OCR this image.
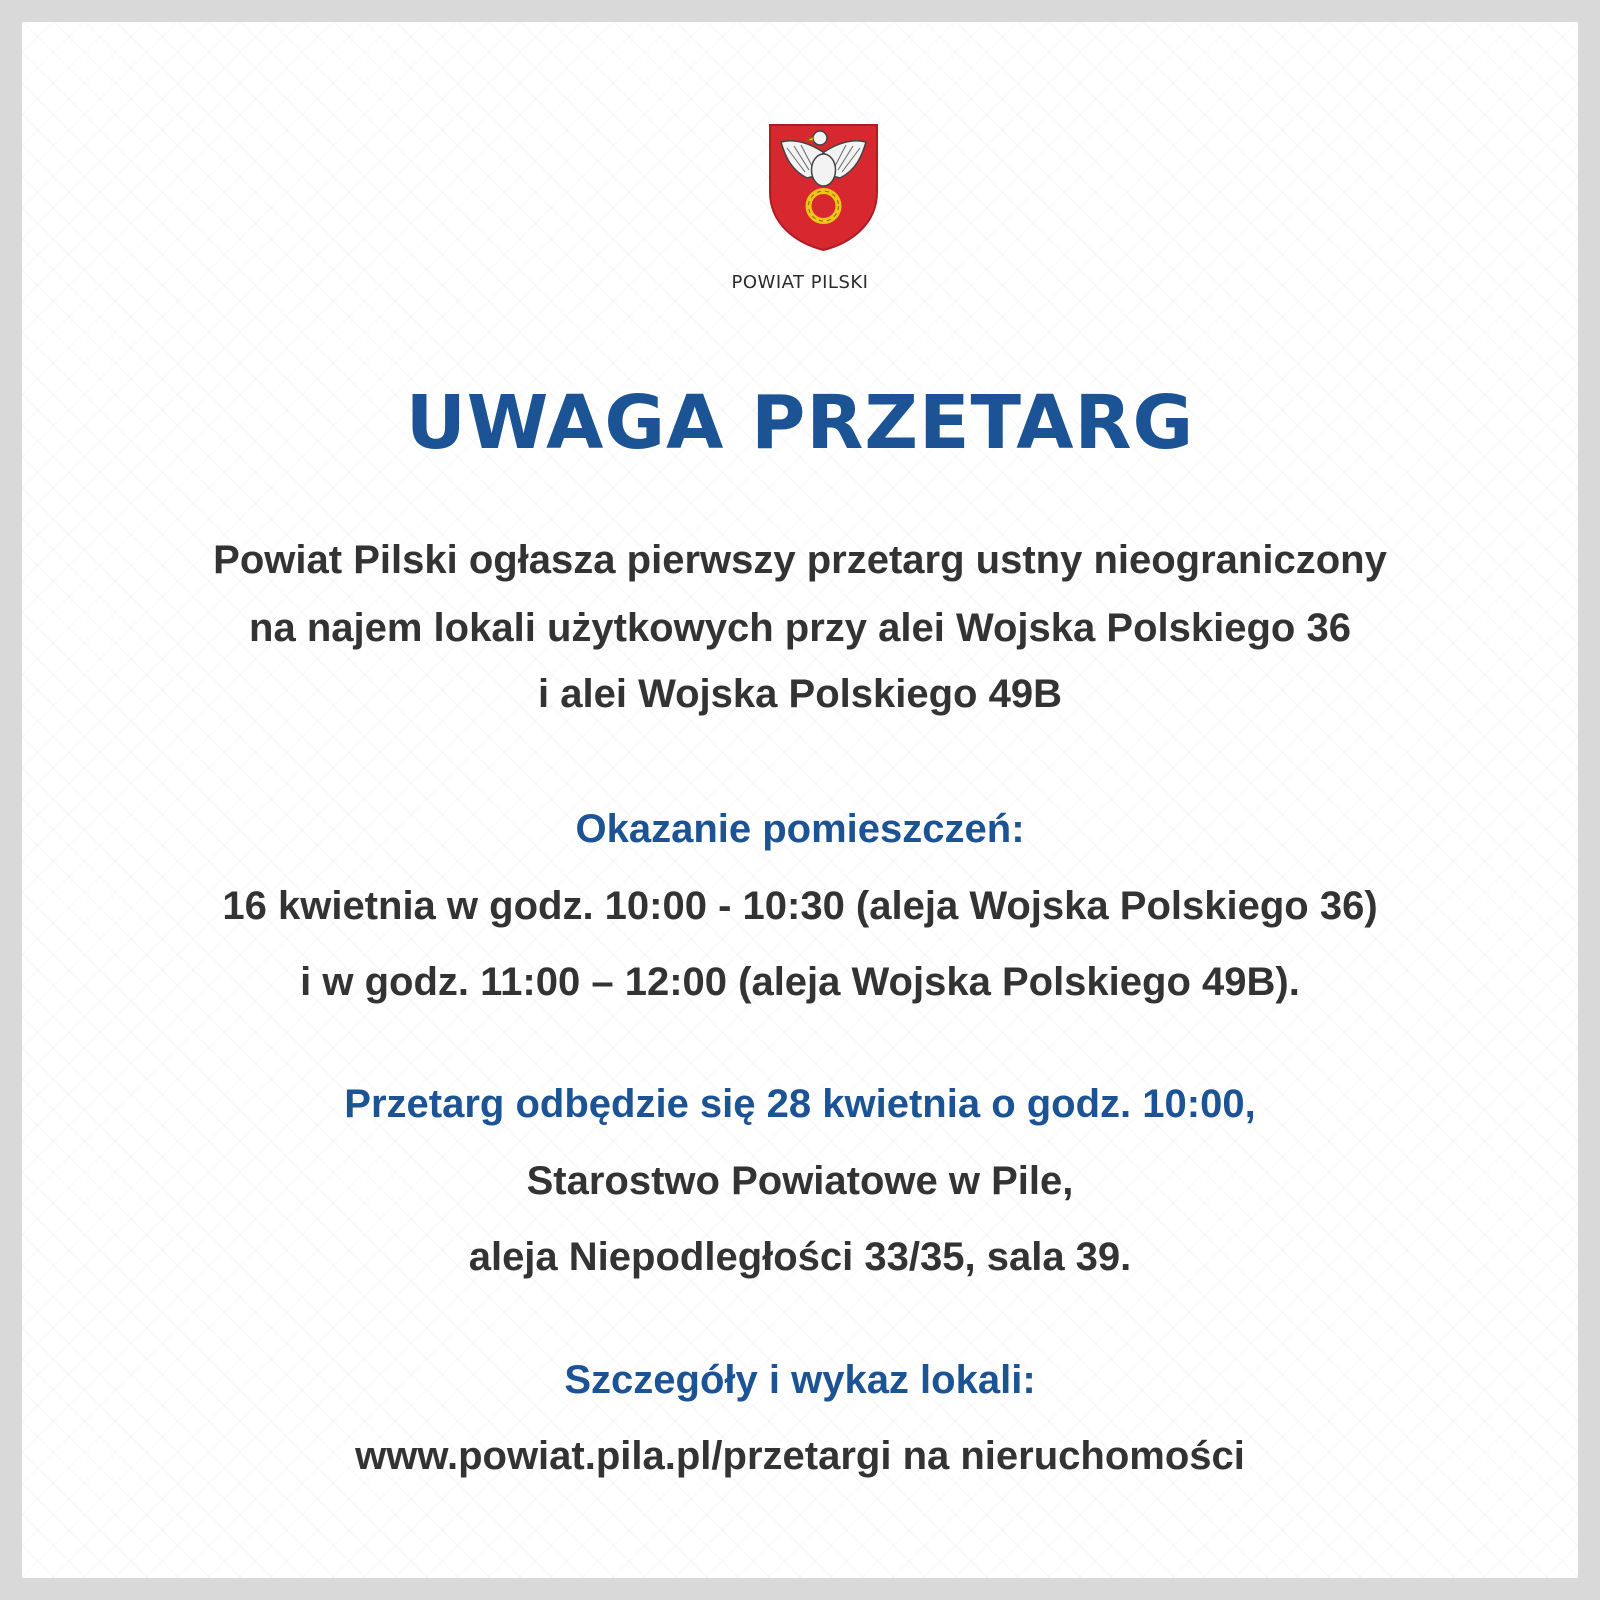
POWIAT PILSKI
UWAGA PRZETARG
Powiat Pilski ogłasza pierwszy przetarg ustny nieograniczony
na najem lokali użytkowych przy alei Wojska Polskiego 36
i alei Wojska Polskiego 49B
Okazanie pomieszczeń:
16 kwietnia w godz. 10:00 - 10:30 (aleja Wojska Polskiego 36)
i w godz. 11:00 – 12:00 (aleja Wojska Polskiego 49B).
Przetarg odbędzie się 28 kwietnia o godz. 10:00,
Starostwo Powiatowe w Pile,
aleja Niepodległości 33/35, sala 39.
Szczegóły i wykaz lokali:
www.powiat.pila.pl/przetargi na nieruchomości
